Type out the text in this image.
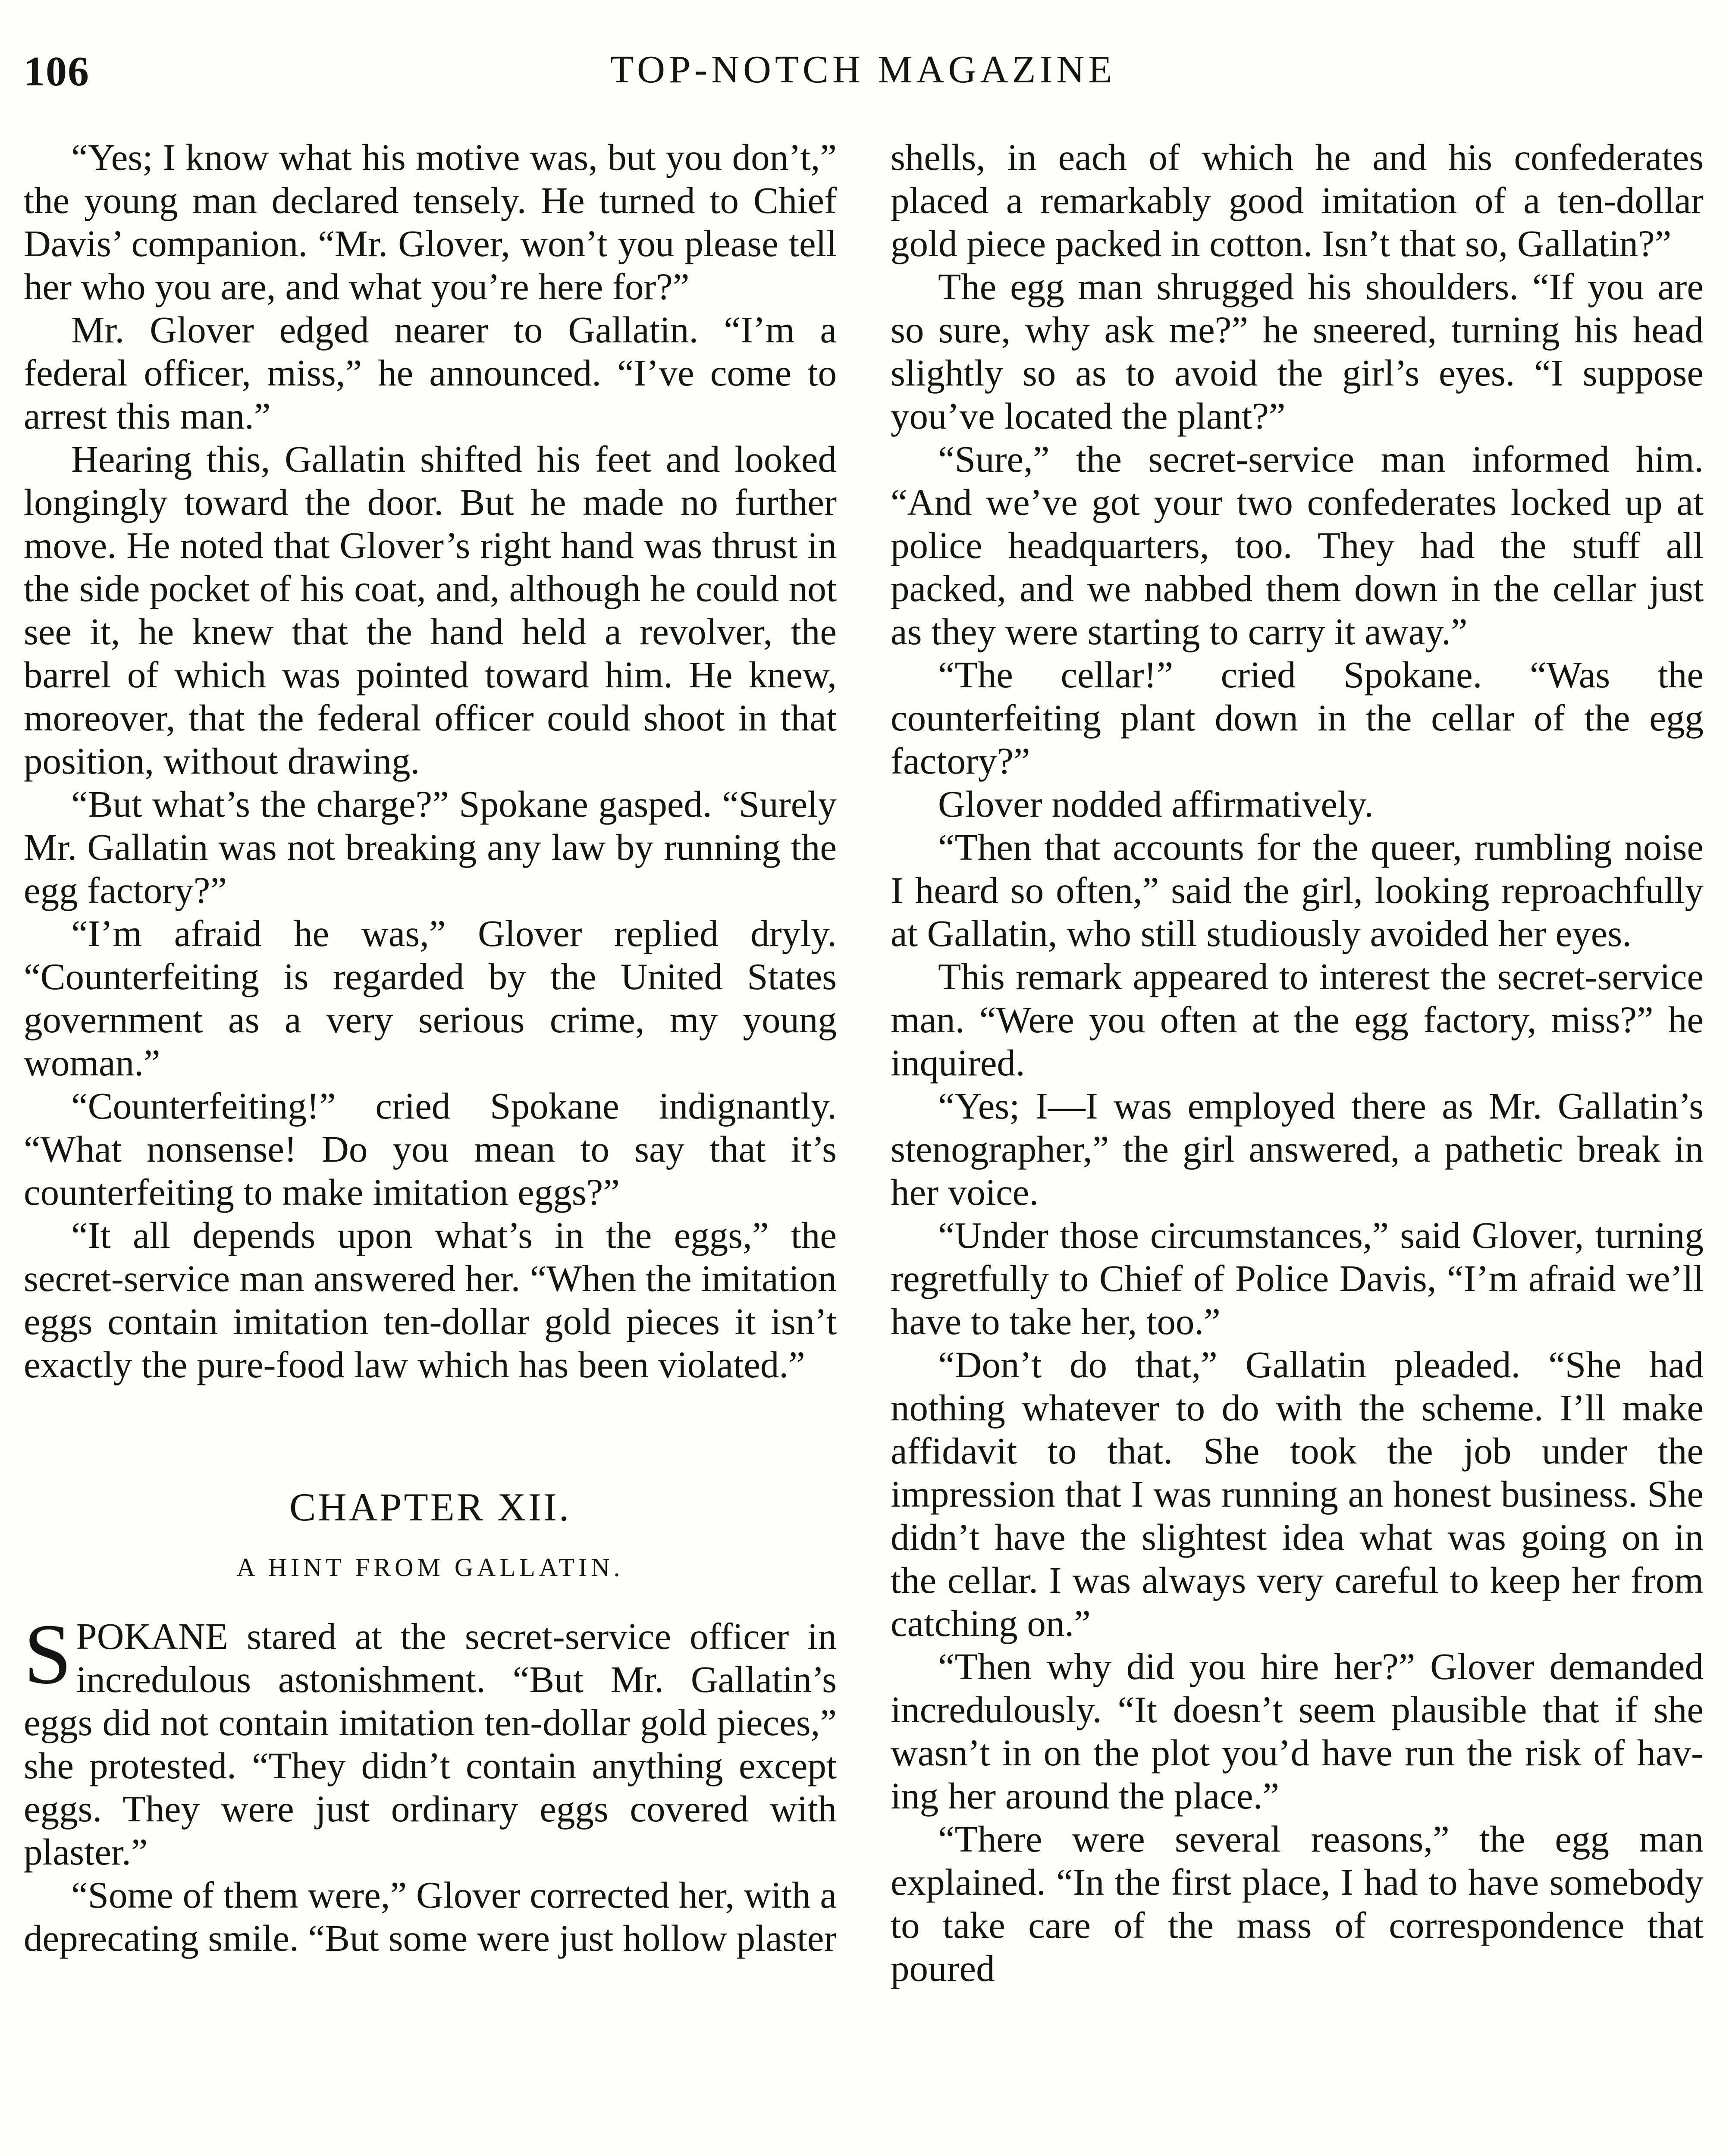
106	TOP-NOTCH MAGAZINE

“Yes; I know what his motive was, but you don’t,” the young man declared tensely. He turned to Chief Davis’ companion. “Mr. Glover, won’t you please tell her who you are, and what you’re here for?”

Mr. Glover edged nearer to Gallatin. “I’m a federal officer, miss,” he announced. “I’ve come to arrest this man.”

Hearing this, Gallatin shifted his feet and looked longingly toward the door. But he made no further move. He noted that Glover’s right hand was thrust in the side pocket of his coat, and, although he could not see it, he knew that the hand held a revolver, the barrel of which was pointed toward him. He knew, moreover, that the federal officer could shoot in that position, without drawing.

“But what’s the charge?” Spokane gasped. “Surely Mr. Gallatin was not breaking any law by running the egg factory?”

“I’m afraid he was,” Glover replied dryly. “Counterfeiting is regarded by the United States government as a very serious crime, my young woman.”

“Counterfeiting!” cried Spokane indignantly. “What nonsense! Do you mean to say that it’s counterfeiting to make imitation eggs?”

“It all depends upon what’s in the eggs,” the secret-service man answered her. “When the imitation eggs contain imitation ten-dollar gold pieces it isn’t exactly the pure-food law which has been violated.”

CHAPTER XII.
A HINT FROM GALLATIN.

S POKANE stared at the secret-service officer in incredulous astonishment. “But Mr. Gallatin’s eggs did not contain imitation ten-dollar gold pieces,” she protested. “They didn’t contain anything except eggs. They were just ordinary eggs covered with plaster.”

“Some of them were,” Glover corrected her, with a deprecating smile. “But some were just hollow plaster

shells, in each of which he and his confederates placed a remarkably good imitation of a ten-dollar gold piece packed in cotton. Isn’t that so, Gallatin?”

The egg man shrugged his shoulders. “If you are so sure, why ask me?” he sneered, turning his head slightly so as to avoid the girl’s eyes. “I suppose you’ve located the plant?”

“Sure,” the secret-service man informed him. “And we’ve got your two confederates locked up at police headquarters, too. They had the stuff all packed, and we nabbed them down in the cellar just as they were starting to carry it away.”

“The cellar!” cried Spokane. “Was the counterfeiting plant down in the cellar of the egg factory?”

Glover nodded affirmatively.

“Then that accounts for the queer, rumbling noise I heard so often,” said the girl, looking reproachfully at Gallatin, who still studiously avoided her eyes.

This remark appeared to interest the secret-service man. “Were you often at the egg factory, miss?” he inquired.

“Yes; I—I was employed there as Mr. Gallatin’s stenographer,” the girl answered, a pathetic break in her voice.

“Under those circumstances,” said Glover, turning regretfully to Chief of Police Davis, “I’m afraid we’ll have to take her, too.”

“Don’t do that,” Gallatin pleaded. “She had nothing whatever to do with the scheme. I’ll make affidavit to that. She took the job under the impression that I was running an honest business. She didn’t have the slightest idea what was going on in the cellar. I was always very careful to keep her from catching on.”

“Then why did you hire her?” Glover demanded incredulously. “It doesn’t seem plausible that if she wasn’t in on the plot you’d have run the risk of having her around the place.”

“There were several reasons,” the egg man explained. “In the first place, I had to have somebody to take care of the mass of correspondence that poured
